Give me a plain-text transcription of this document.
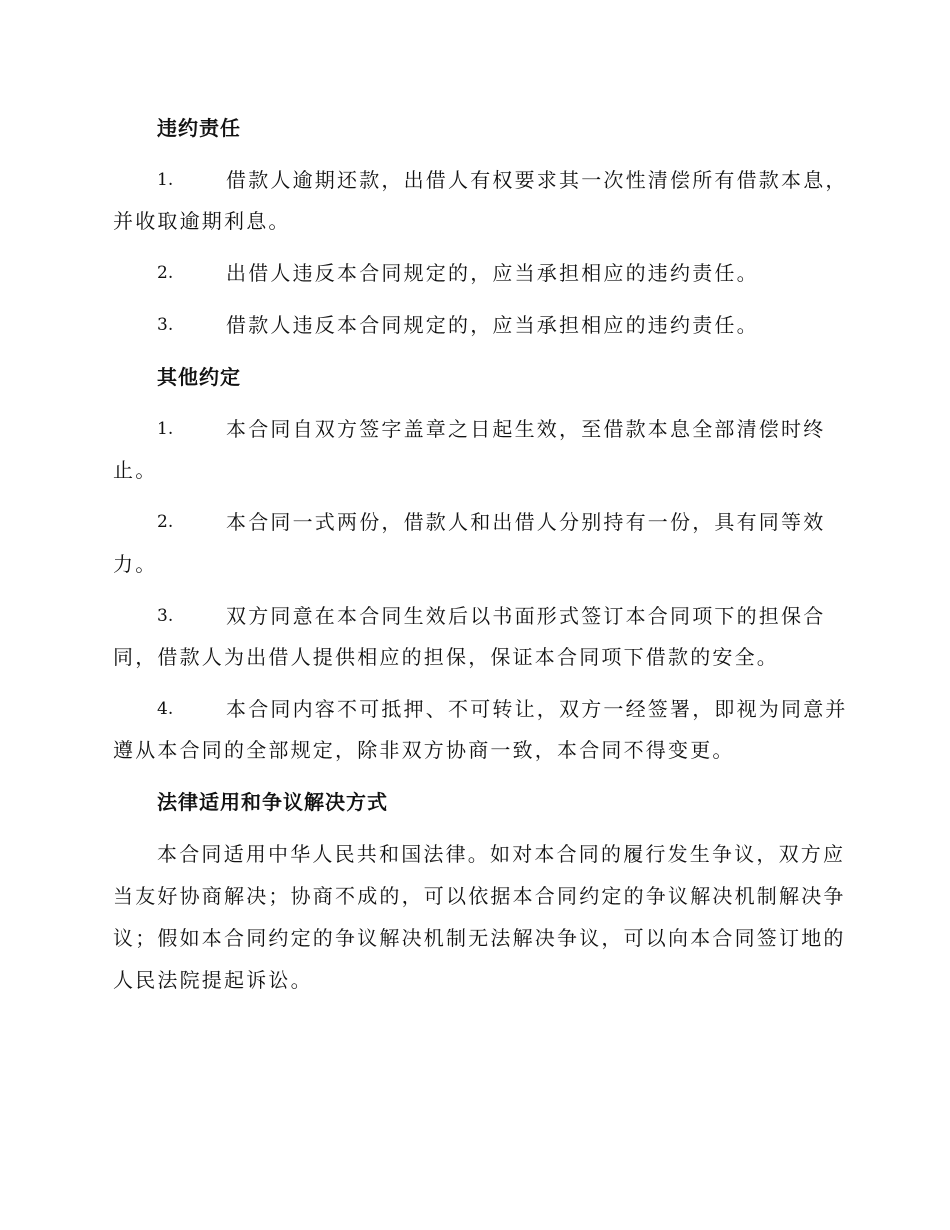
违约责任
1.	借款人逾期还款，出借人有权要求其一次性清偿所有借款本息，
并收取逾期利息。
2.	出借人违反本合同规定的，应当承担相应的违约责任。
3.	借款人违反本合同规定的，应当承担相应的违约责任。
其他约定
1.	本合同自双方签字盖章之日起生效，至借款本息全部清偿时终
止。
2.	本合同一式两份，借款人和出借人分别持有一份，具有同等效
力。
3.	双方同意在本合同生效后以书面形式签订本合同项下的担保合
同，借款人为出借人提供相应的担保，保证本合同项下借款的安全。
4.	本合同内容不可抵押、不可转让，双方一经签署，即视为同意并
遵从本合同的全部规定，除非双方协商一致，本合同不得变更。
法律适用和争议解决方式
本合同适用中华人民共和国法律。如对本合同的履行发生争议，双方应
当友好协商解决；协商不成的，可以依据本合同约定的争议解决机制解决争
议；假如本合同约定的争议解决机制无法解决争议，可以向本合同签订地的
人民法院提起诉讼。
